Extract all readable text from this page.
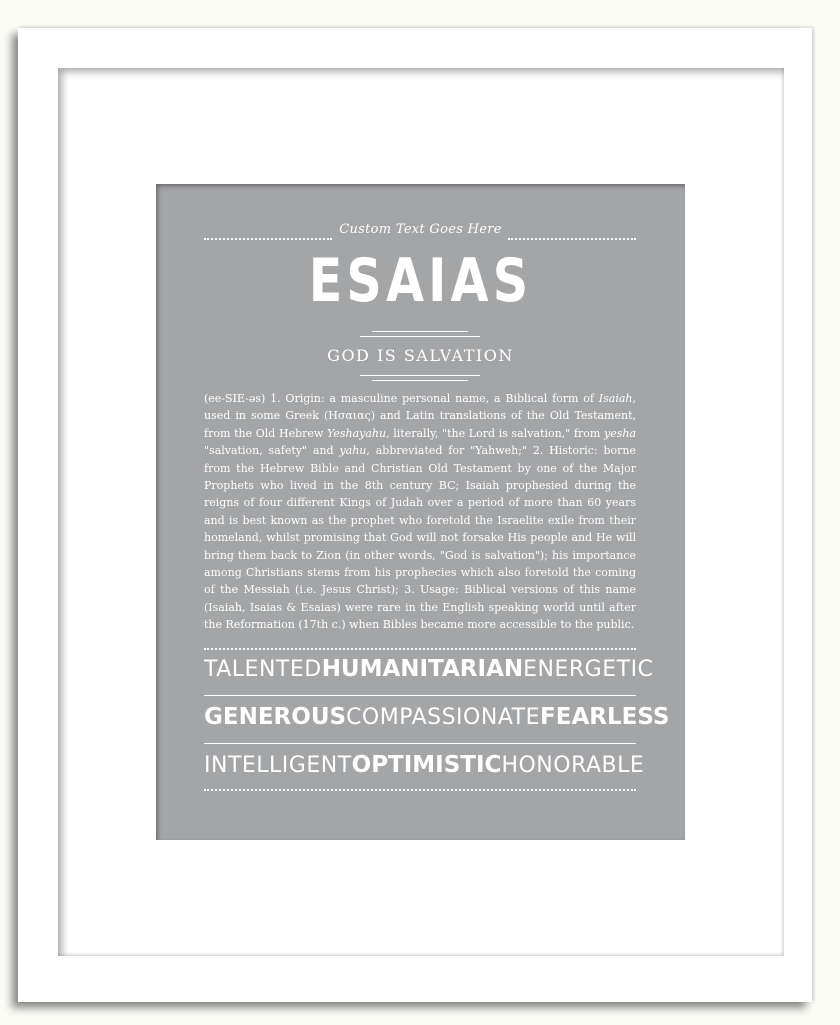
Custom Text Goes Here
ESAIAS
GOD IS SALVATION
(ee-SIE-əs) 1. Origin: a masculine personal name, a Biblical form of Isaiah, used in some Greek (Ησαιας) and Latin translations of the Old Testament, from the Old Hebrew Yeshayahu, literally, "the Lord is salvation," from yesha "salvation, safety" and yahu, abbreviated for "Yahweh;" 2. Historic: borne from the Hebrew Bible and Christian Old Testament by one of the Major Prophets who lived in the 8th century BC; Isaiah prophesied during the reigns of four different Kings of Judah over a period of more than 60 years and is best known as the prophet who foretold the Israelite exile from their homeland, whilst promising that God will not forsake His people and He will bring them back to Zion (in other words, "God is salvation"); his importance among Christians stems from his prophecies which also foretold the coming of the Messiah (i.e. Jesus Christ); 3. Usage: Biblical versions of this name (Isaiah, Isaias & Esaias) were rare in the English speaking world until after the Reformation (17th c.) when Bibles became more accessible to the public.
TALENTED HUMANITARIAN ENERGETIC
GENEROUS COMPASSIONATE FEARLESS
INTELLIGENT OPTIMISTIC HONORABLE
